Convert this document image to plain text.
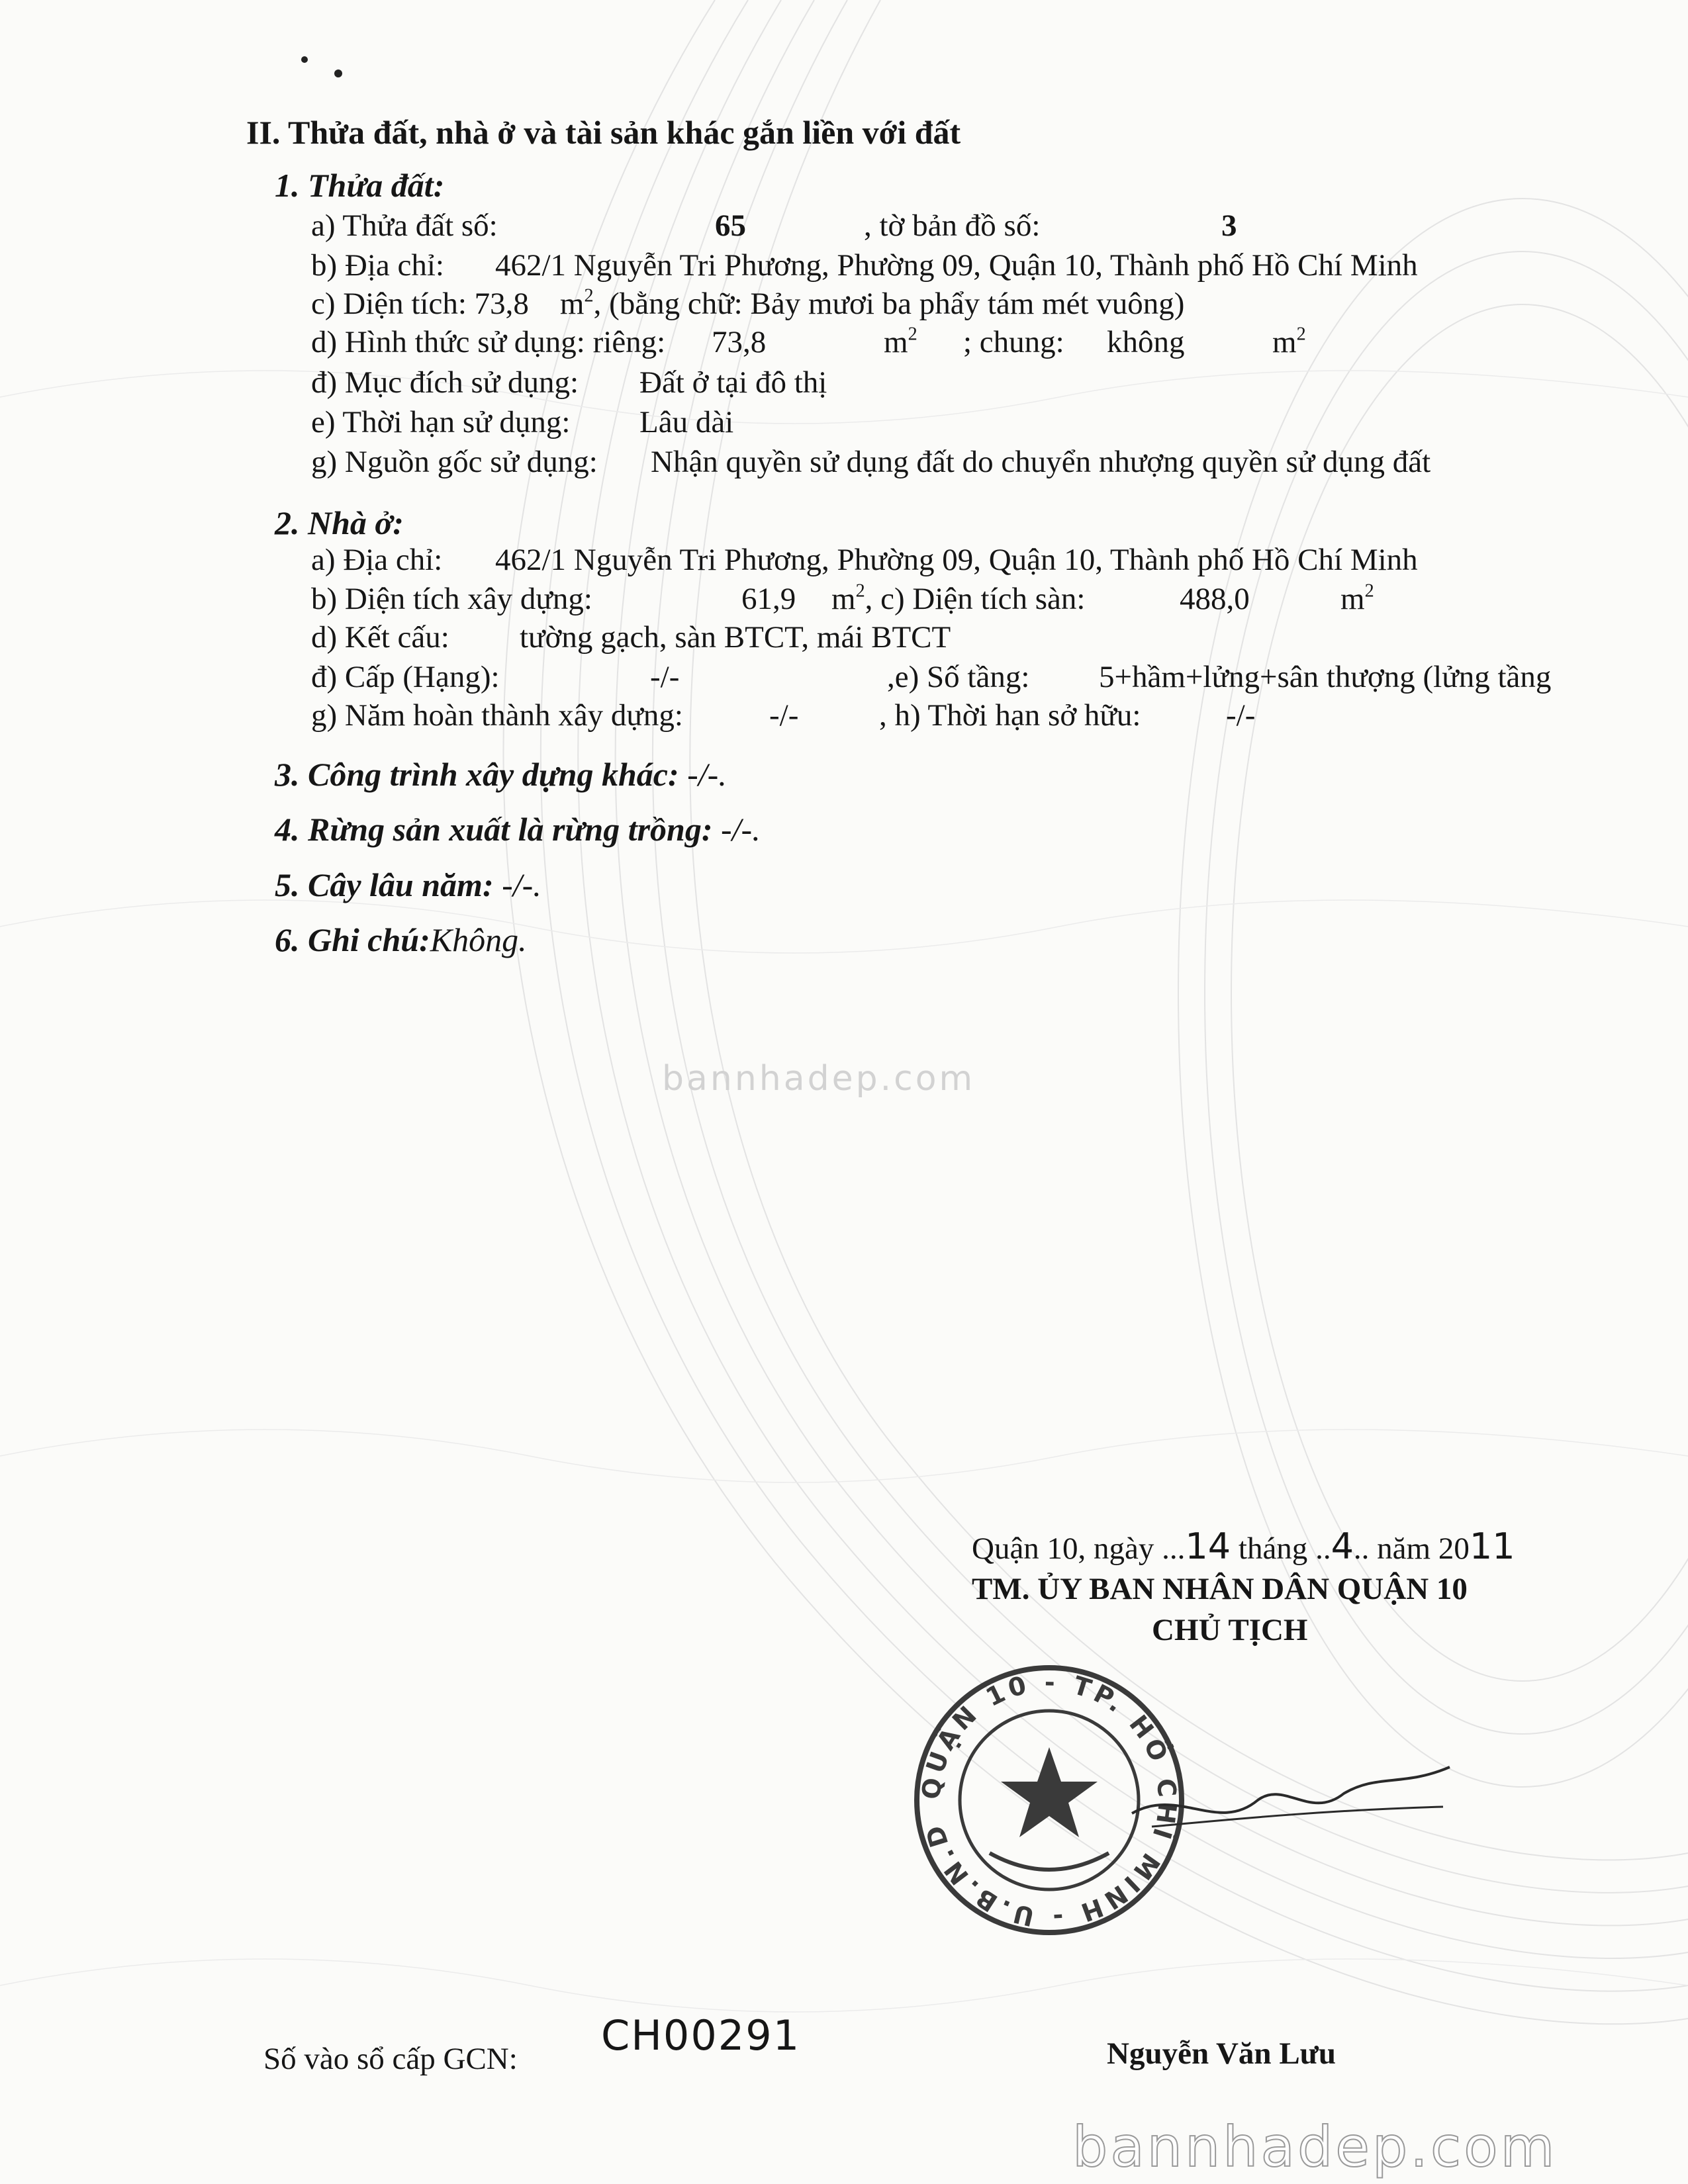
II. Thửa đất, nhà ở và tài sản khác gắn liền với đất
1. Thửa đất:
a) Thửa đất số:	65	, tờ bản đồ số:	3
b) Địa chỉ: 462/1 Nguyễn Tri Phương, Phường 09, Quận 10, Thành phố Hồ Chí Minh
c) Diện tích: 73,8 $m^2$, (bằng chữ: Bảy mươi ba phẩy tám mét vuông)
d) Hình thức sử dụng: riêng: 73,8	$m^2$ ; chung: không	$m^2$
đ) Mục đích sử dụng: Đất ở tại đô thị
e) Thời hạn sử dụng: Lâu dài
g) Nguồn gốc sử dụng: Nhận quyền sử dụng đất do chuyển nhượng quyền sử dụng đất
2. Nhà ở:
a) Địa chỉ: 462/1 Nguyễn Tri Phương, Phường 09, Quận 10, Thành phố Hồ Chí Minh
b) Diện tích xây dựng:	61,9 $m^2$, c) Diện tích sàn:	488,0	$m^2$
d) Kết cấu: tường gạch, sàn BTCT, mái BTCT
đ) Cấp (Hạng):	-/-	,e) Số tầng: 5+hầm+lửng+sân thượng (lửng tầng
g) Năm hoàn thành xây dựng:	-/-	, h) Thời hạn sở hữu:	-/-
3. Công trình xây dựng khác: -/-.
4. Rừng sản xuất là rừng trồng: -/-.
5. Cây lâu năm: -/-.
6. Ghi chú:Không.
bannhadep.com
Quận 10, ngày ...14 tháng ..4.. năm 2011
TM. ỦY BAN NHÂN DÂN QUẬN 10
CHỦ TỊCH
QUẬN 10 - TP. HỒ CHÍ MINH - U.B.N.D
Nguyễn Văn Lưu
Số vào sổ cấp GCN: CH00291
bannhadep.com
